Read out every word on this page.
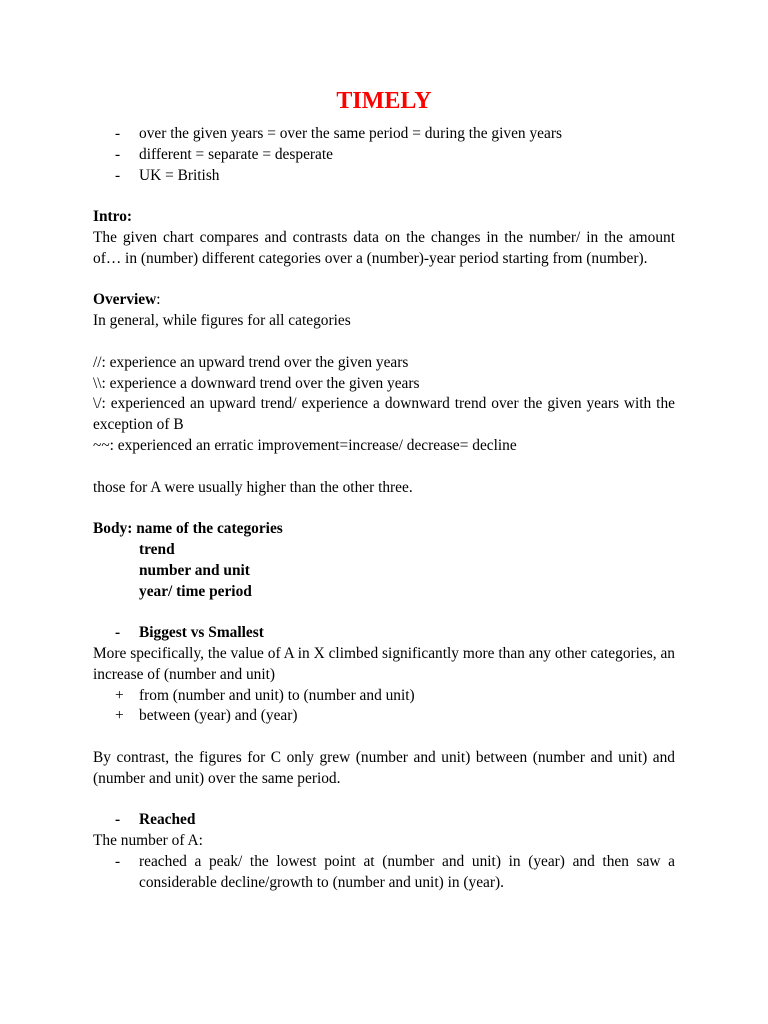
TIMELY
- over the given years = over the same period = during the given years
- different = separate = desperate
- UK = British
Intro:
The given chart compares and contrasts data on the changes in the number/ in the amount of… in (number) different categories over a (number)-year period starting from (number).
Overview:
In general, while figures for all categories
//: experience an upward trend over the given years
\\: experience a downward trend over the given years
\/: experienced an upward trend/ experience a downward trend over the given years with the exception of B
~~: experienced an erratic improvement=increase/ decrease= decline
those for A were usually higher than the other three.
Body: name of the categories
trend
number and unit
year/ time period
- Biggest vs Smallest
More specifically, the value of A in X climbed significantly more than any other categories, an increase of (number and unit)
+ from (number and unit) to (number and unit)
+ between (year) and (year)
By contrast, the figures for C only grew (number and unit) between (number and unit) and (number and unit) over the same period.
- Reached
The number of A:
- reached a peak/ the lowest point at (number and unit) in (year) and then saw a considerable decline/growth to (number and unit) in (year).
